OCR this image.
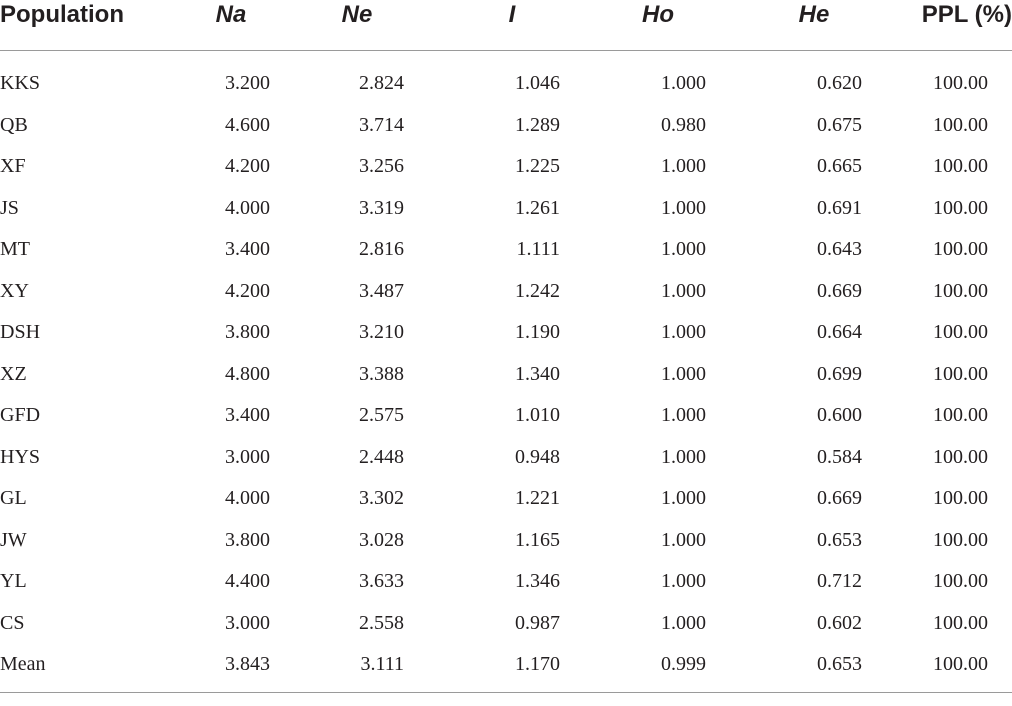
Population	Na	Ne	I	Ho	He	PPL (%)
KKS	3.200	2.824	1.046	1.000	0.620	100.00
QB	4.600	3.714	1.289	0.980	0.675	100.00
XF	4.200	3.256	1.225	1.000	0.665	100.00
JS	4.000	3.319	1.261	1.000	0.691	100.00
MT	3.400	2.816	1.111	1.000	0.643	100.00
XY	4.200	3.487	1.242	1.000	0.669	100.00
DSH	3.800	3.210	1.190	1.000	0.664	100.00
XZ	4.800	3.388	1.340	1.000	0.699	100.00
GFD	3.400	2.575	1.010	1.000	0.600	100.00
HYS	3.000	2.448	0.948	1.000	0.584	100.00
GL	4.000	3.302	1.221	1.000	0.669	100.00
JW	3.800	3.028	1.165	1.000	0.653	100.00
YL	4.400	3.633	1.346	1.000	0.712	100.00
CS	3.000	2.558	0.987	1.000	0.602	100.00
Mean	3.843	3.111	1.170	0.999	0.653	100.00
